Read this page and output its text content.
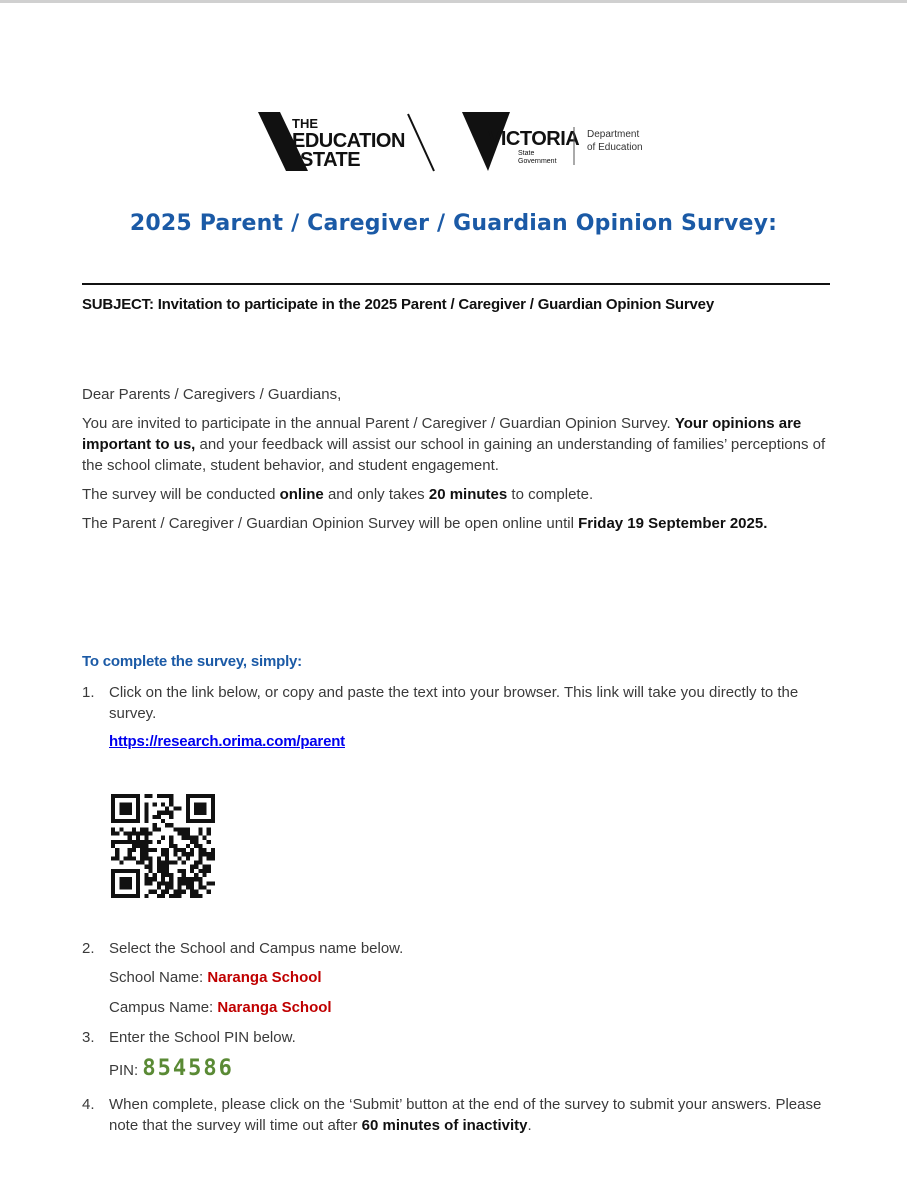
THE
EDUCATION
STATE
VICTORIA
State
Government
Department
of Education
2025 Parent / Caregiver / Guardian Opinion Survey:
SUBJECT: Invitation to participate in the 2025 Parent / Caregiver / Guardian Opinion Survey
Dear Parents / Caregivers / Guardians,
You are invited to participate in the annual Parent / Caregiver / Guardian Opinion Survey. Your opinions are important to us, and your feedback will assist our school in gaining an understanding of families’ perceptions of the school climate, student behavior, and student engagement.
The survey will be conducted online and only takes 20 minutes to complete.
The Parent / Caregiver / Guardian Opinion Survey will be open online until Friday 19 September 2025.
To complete the survey, simply:
1. Click on the link below, or copy and paste the text into your browser. This link will take you directly to the survey.
https://research.orima.com/parent
2. Select the School and Campus name below.
School Name: Naranga School
Campus Name: Naranga School
3. Enter the School PIN below.
PIN: 854586
4. When complete, please click on the ‘Submit’ button at the end of the survey to submit your answers. Please note that the survey will time out after 60 minutes of inactivity.
